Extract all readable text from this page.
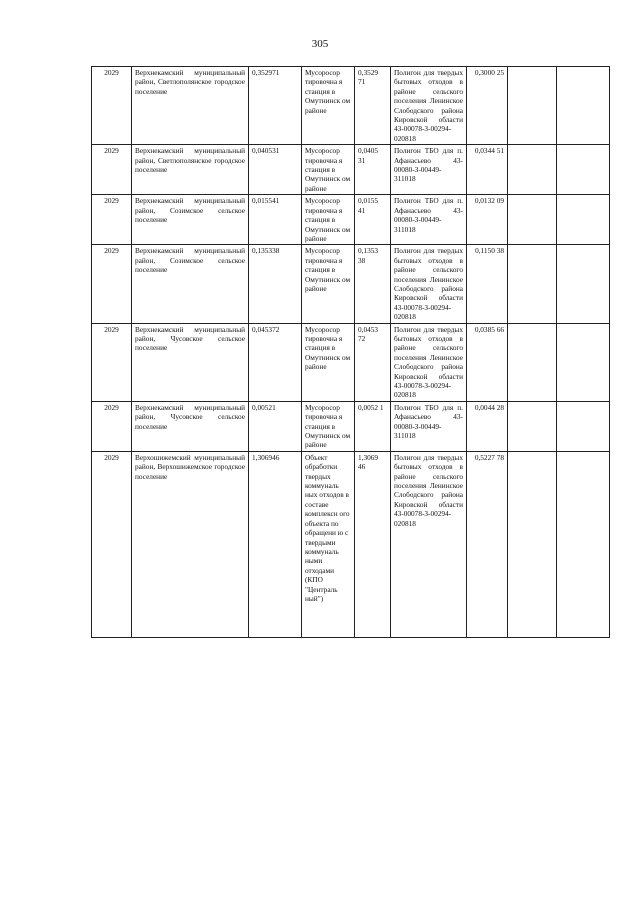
305
2029	Верхнекамский муниципальный район, Светлополянское городское поселение	0,352971	Мусоросор тировочна я станция в Омутнинск ом районе	0,3529 71	Полигон для твердых бытовых отходов в районе сельского поселения Ленинское Слободского района Кировской области 43-00078-З-00294-020818	0,3000 25		
2029	Верхнекамский муниципальный район, Светлополянское городское поселение	0,040531	Мусоросор тировочна я станция в Омутнинск ом районе	0,0405 31	Полигон ТБО для п. Афанасьево 43-00080-З-00449-311018	0,0344 51		
2029	Верхнекамский муниципальный район, Созимское сельское поселение	0,015541	Мусоросор тировочна я станция в Омутнинск ом районе	0,0155 41	Полигон ТБО для п. Афанасьево 43-00080-З-00449-311018	0,0132 09		
2029	Верхнекамский муниципальный район, Созимское сельское поселение	0,135338	Мусоросор тировочна я станция в Омутнинск ом районе	0,1353 38	Полигон для твердых бытовых отходов в районе сельского поселения Ленинское Слободского района Кировской области 43-00078-З-00294-020818	0,1150 38		
2029	Верхнекамский муниципальный район, Чусовское сельское поселение	0,045372	Мусоросор тировочна я станция в Омутнинск ом районе	0,0453 72	Полигон для твердых бытовых отходов в районе сельского поселения Ленинское Слободского района Кировской области 43-00078-З-00294-020818	0,0385 66		
2029	Верхнекамский муниципальный район, Чусовское сельское поселение	0,00521	Мусоросор тировочна я станция в Омутнинск ом районе	0,0052 1	Полигон ТБО для п. Афанасьево 43-00080-З-00449-311018	0,0044 28		
2029	Верхошижемский муниципальный район, Верхошижемское городское поселение	1,306946	Объект обработки твердых коммуналь ных отходов в составе комплексн ого объекта по обращени ю с твердыми коммуналь ными отходами (КПО "Централь ный")	1,3069 46	Полигон для твердых бытовых отходов в районе сельского поселения Ленинское Слободского района Кировской области 43-00078-З-00294-020818	0,5227 78		
